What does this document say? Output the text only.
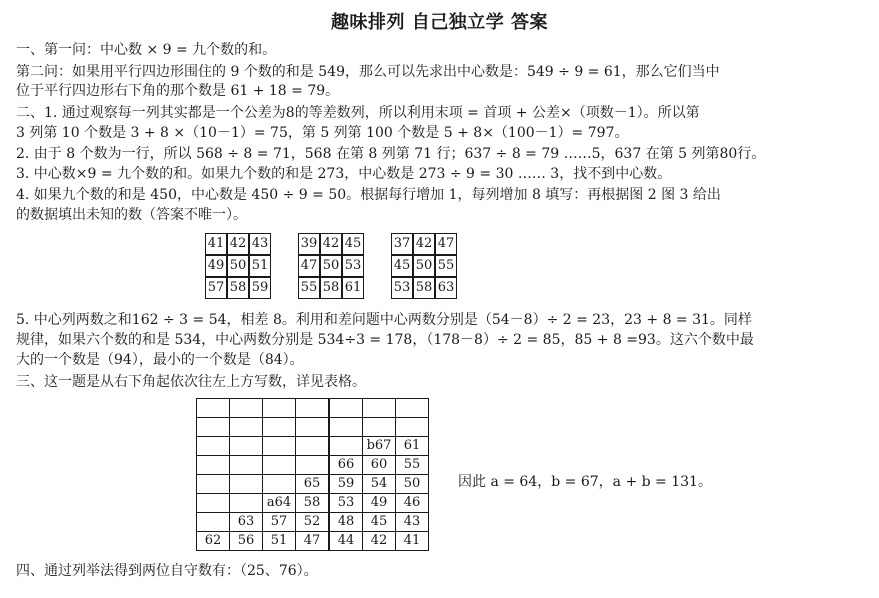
趣味排列 自己独立学 答案
一、第一问：中心数 × 9 = 九个数的和。
第二问：如果用平行四边形围住的 9 个数的和是 549，那么可以先求出中心数是：549 ÷ 9 = 61，那么它们当中
位于平行四边形右下角的那个数是 61 + 18 = 79。
二、1. 通过观察每一列其实都是一个公差为8的等差数列，所以利用末项 = 首项 + 公差×（项数－1）。所以第
3 列第 10 个数是 3 + 8 ×（10－1）= 75，第 5 列第 100 个数是 5 + 8×（100－1）= 797。
2. 由于 8 个数为一行，所以 568 ÷ 8 = 71，568 在第 8 列第 71 行；637 ÷ 8 = 79 ……5，637 在第 5 列第80行。
3. 中心数×9 = 九个数的和。如果九个数的和是 273，中心数是 273 ÷ 9 = 30 …… 3，找不到中心数。
4. 如果九个数的和是 450，中心数是 450 ÷ 9 = 50。根据每行增加 1，每列增加 8 填写：再根据图 2 图 3 给出
的数据填出未知的数（答案不唯一）。
41	42	43
49	50	51
57	58	59
39	42	45
47	50	53
55	58	61
37	42	47
45	50	55
53	58	63
5. 中心列两数之和162 ÷ 3 = 54，相差 8。利用和差问题中心两数分别是（54－8）÷ 2 = 23，23 + 8 = 31。同样
规律，如果六个数的和是 534，中心两数分别是 534÷3 = 178，（178－8）÷ 2 = 85，85 + 8 =93。这六个数中最
大的一个数是（94），最小的一个数是（84）。
三、这一题是从右下角起依次往左上方写数，详见表格。

					b67	61
				66	60	55
			65	59	54	50
		a64	58	53	49	46
	63	57	52	48	45	43
62	56	51	47	44	42	41
因此 a = 64，b = 67，a + b = 131。
四、通过列举法得到两位自守数有：（25、76）。
